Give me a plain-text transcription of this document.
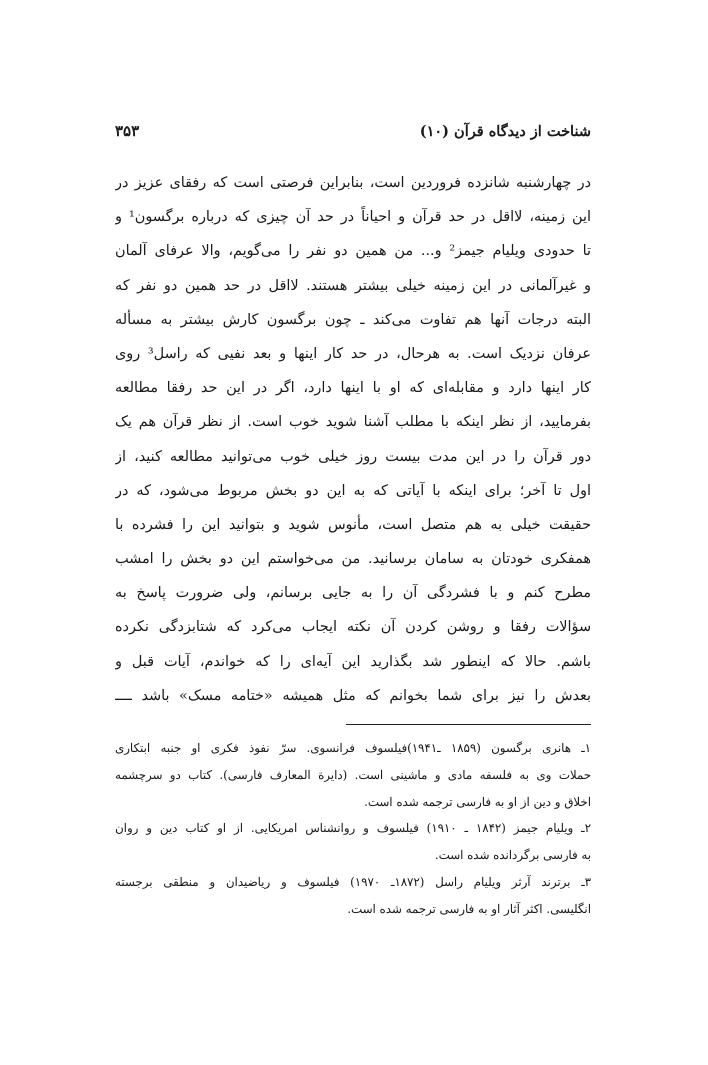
شناخت از دیدگاه قرآن (۱۰)
۳۵۳
در چهارشنبه شانزده فروردین است، بنابراین فرصتی است که رفقای عزیز در
این زمینه، لااقل در حد قرآن و احیاناً در حد آن چیزی که درباره برگسون¹ و
تا حدودی ویلیام جیمز² و... من همین دو نفر را می‌گویم، والا عرفای آلمان
و غیرآلمانی در این زمینه خیلی بیشتر هستند. لااقل در حد همین دو نفر که
البته درجات آنها هم تفاوت می‌کند ـ چون برگسون کارش بیشتر به مسأله
عرفان نزدیک است. به هرحال، در حد کار اینها و بعد نفیی که راسل³ روی
کار اینها دارد و مقابله‌ای که او با اینها دارد، اگر در این حد رفقا مطالعه
بفرمایید، از نظر اینکه با مطلب آشنا شوید خوب است. از نظر قرآن هم یک
دور قرآن را در این مدت بیست روز خیلی خوب می‌توانید مطالعه کنید، از
اول تا آخر؛ برای اینکه با آیاتی که به این دو بخش مربوط می‌شود، که در
حقیقت خیلی به هم متصل است، مأنوس شوید و بتوانید این را فشرده با
همفکری خودتان به سامان برسانید. من می‌خواستم این دو بخش را امشب
مطرح کنم و با فشردگی آن را به جایی برسانم، ولی ضرورت پاسخ به
سؤالات رفقا و روشن کردن آن نکته ایجاب می‌کرد که شتابزدگی نکرده
باشم. حالا که اینطور شد بگذارید این آیه‌ای را که خواندم، آیات قبل و
بعدش را نیز برای شما بخوانم که مثل همیشه «ختامه مسک» باشد ــــ
۱ـ هانری برگسون (۱۸۵۹ ـ۱۹۴۱)فیلسوف فرانسوی. سرّ نفوذ فکری او جنبه ابتکاری
حملات وی به فلسفه مادی و ماشینی است. (دایرة المعارف فارسی). کتاب دو سرچشمه
اخلاق و دین از او به فارسی ترجمه شده است.
۲ـ ویلیام جیمز (۱۸۴۲ ـ ۱۹۱۰) فیلسوف و روانشناس امریکایی. از او کتاب دین و روان
به فارسی برگردانده شده است.
۳ـ برترند آرثر ویلیام راسل (۱۸۷۲ـ ۱۹۷۰) فیلسوف و ریاضیدان و منطقی برجسته
انگلیسی. اکثر آثار او به فارسی ترجمه شده است.
